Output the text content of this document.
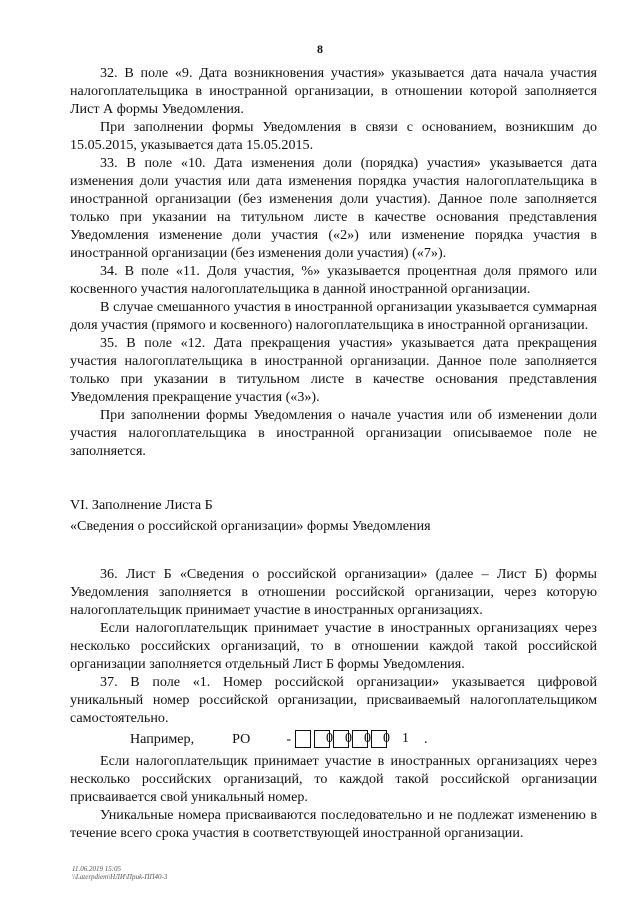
8

32. В поле «9. Дата возникновения участия» указывается дата начала участия налогоплательщика в иностранной организации, в отношении которой заполняется Лист А формы Уведомления.

При заполнении формы Уведомления в связи с основанием, возникшим до 15.05.2015, указывается дата 15.05.2015.

33. В поле «10. Дата изменения доли (порядка) участия» указывается дата изменения доли участия или дата изменения порядка участия налогоплательщика в иностранной организации (без изменения доли участия). Данное поле заполняется только при указании на титульном листе в качестве основания представления Уведомления изменение доли участия («2») или изменение порядка участия в иностранной организации (без изменения доли участия) («7»).

34. В поле «11. Доля участия, %» указывается процентная доля прямого или косвенного участия налогоплательщика в данной иностранной организации.

В случае смешанного участия в иностранной организации указывается суммарная доля участия (прямого и косвенного) налогоплательщика в иностранной организации.

35. В поле «12. Дата прекращения участия» указывается дата прекращения участия налогоплательщика в иностранной организации. Данное поле заполняется только при указании в титульном листе в качестве основания представления Уведомления прекращение участия («3»).

При заполнении формы Уведомления о начале участия или об изменении доли участия налогоплательщика в иностранной организации описываемое поле не заполняется.

VI. Заполнение Листа Б

«Сведения о российской организации» формы Уведомления

36. Лист Б «Сведения о российской организации» (далее – Лист Б) формы Уведомления заполняется в отношении российской организации, через которую налогоплательщик принимает участие в иностранных организациях.

Если налогоплательщик принимает участие в иностранных организациях через несколько российских организаций, то в отношении каждой такой российской организации заполняется отдельный Лист Б формы Уведомления.

37. В поле «1. Номер российской организации» указывается цифровой уникальный номер российской организации, присваиваемый налогоплательщиком самостоятельно.

Например,	РО	-	0 0 0 0 1	.

Если налогоплательщик принимает участие в иностранных организациях через несколько российских организаций, то каждой такой российской организации присваивается свой уникальный номер.

Уникальные номера присваиваются последовательно и не подлежат изменению в течение всего срока участия в соответствующей иностранной организации.

11.06.2019 15:05
\\Laterpdiem\НЛИ\Приk-ПП40-3
